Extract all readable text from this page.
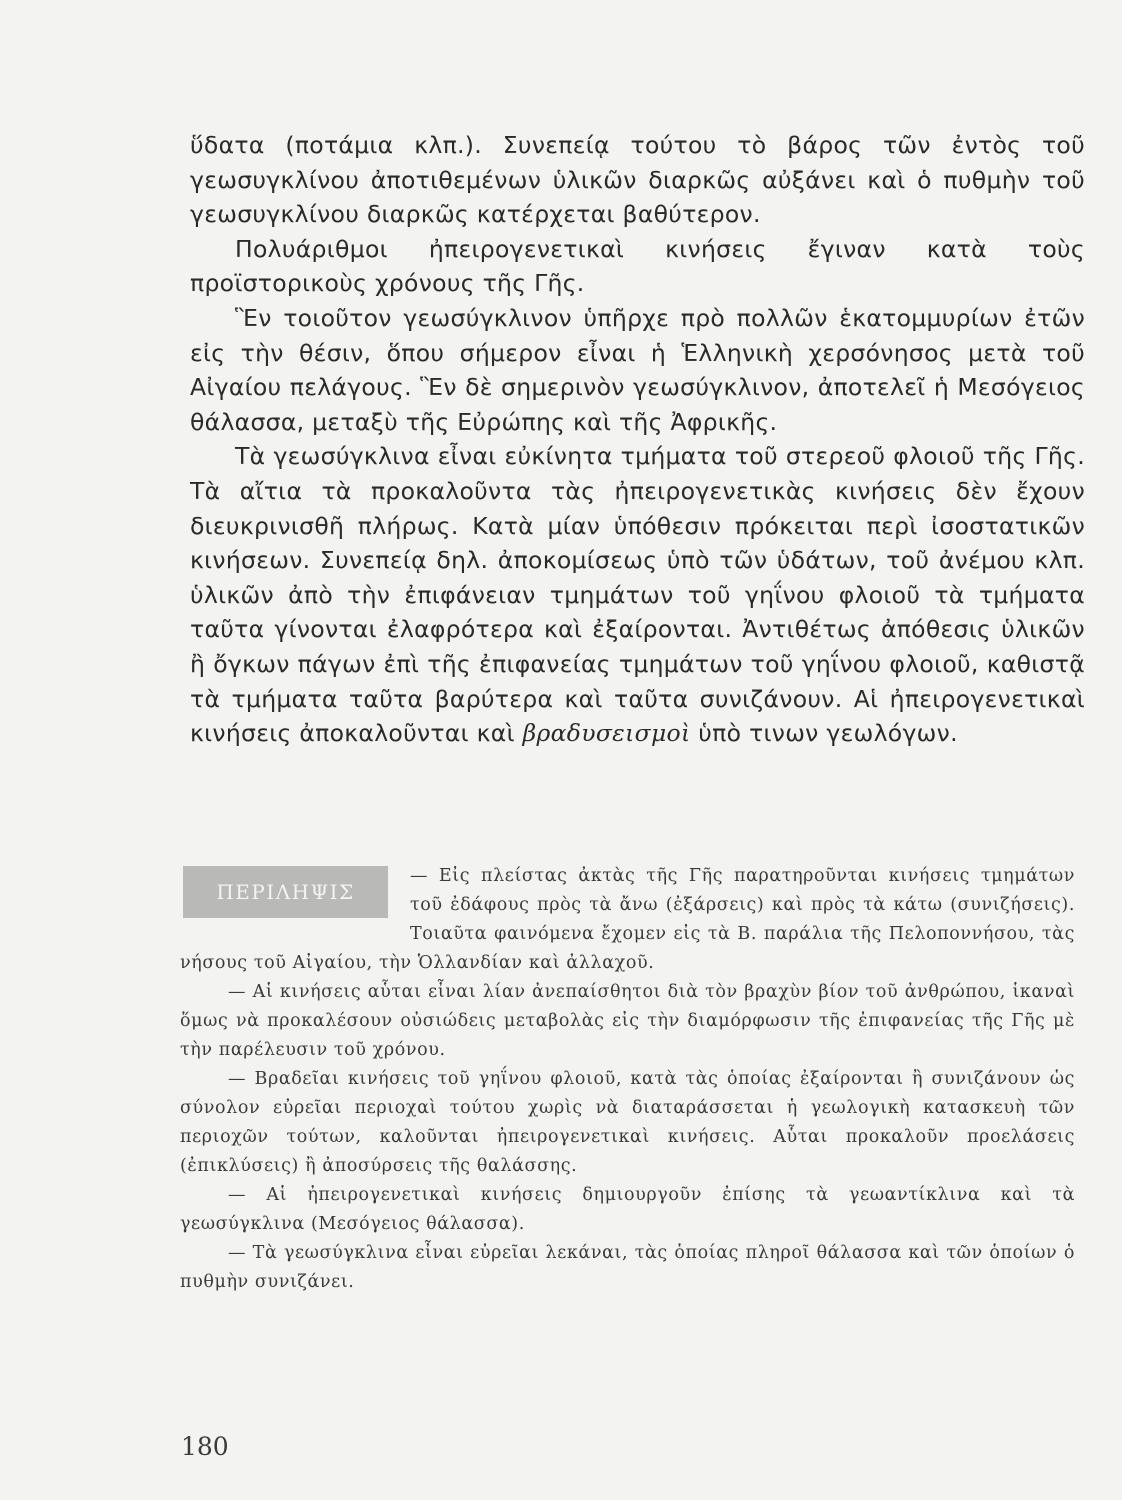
ὕδατα (ποτάμια κλπ.). Συνεπείᾳ τούτου τὸ βάρος τῶν ἐντὸς τοῦ γεωσυγκλίνου ἀποτιθεμένων ὑλικῶν διαρκῶς αὐξάνει καὶ ὁ πυθμὴν τοῦ γεωσυγκλίνου διαρκῶς κατέρχεται βαθύτερον.

Πολυάριθμοι ἠπειρογενετικαὶ κινήσεις ἔγιναν κατὰ τοὺς προϊστορικοὺς χρόνους τῆς Γῆς.

Ἓν τοιοῦτον γεωσύγκλινον ὑπῆρχε πρὸ πολλῶν ἑκατομμυρίων ἐτῶν εἰς τὴν θέσιν, ὅπου σήμερον εἶναι ἡ Ἑλληνικὴ χερσόνησος μετὰ τοῦ Αἰγαίου πελάγους. Ἓν δὲ σημερινὸν γεωσύγκλινον, ἀποτελεῖ ἡ Μεσόγειος θάλασσα, μεταξὺ τῆς Εὐρώπης καὶ τῆς Ἀφρικῆς.

Τὰ γεωσύγκλινα εἶναι εὐκίνητα τμήματα τοῦ στερεοῦ φλοιοῦ τῆς Γῆς. Τὰ αἴτια τὰ προκαλοῦντα τὰς ἠπειρογενετικὰς κινήσεις δὲν ἔχουν διευκρινισθῆ πλήρως. Κατὰ μίαν ὑπόθεσιν πρόκειται περὶ ἰσοστατικῶν κινήσεων. Συνεπείᾳ δηλ. ἀποκομίσεως ὑπὸ τῶν ὑδάτων, τοῦ ἀνέμου κλπ. ὑλικῶν ἀπὸ τὴν ἐπιφάνειαν τμημάτων τοῦ γηΐνου φλοιοῦ τὰ τμήματα ταῦτα γίνονται ἐλαφρότερα καὶ ἐξαίρονται. Ἀντιθέτως ἀπόθεσις ὑλικῶν ἢ ὄγκων πάγων ἐπὶ τῆς ἐπιφανείας τμημάτων τοῦ γηΐνου φλοιοῦ, καθιστᾷ τὰ τμήματα ταῦτα βαρύτερα καὶ ταῦτα συνιζάνουν. Αἱ ἠπειρογενετικαὶ κινήσεις ἀποκαλοῦνται καὶ βραδυσεισμοὶ ὑπὸ τινων γεωλόγων.

ΠΕΡΙΛΗΨΙΣ

— Εἰς πλείστας ἀκτὰς τῆς Γῆς παρατηροῦνται κινήσεις τμημάτων τοῦ ἐδάφους πρὸς τὰ ἄνω (ἐξάρσεις) καὶ πρὸς τὰ κάτω (συνιζήσεις). Τοιαῦτα φαινόμενα ἔχομεν εἰς τὰ Β. παράλια τῆς Πελοποννήσου, τὰς νήσους τοῦ Αἰγαίου, τὴν Ὁλλανδίαν καὶ ἀλλαχοῦ.

— Αἱ κινήσεις αὗται εἶναι λίαν ἀνεπαίσθητοι διὰ τὸν βραχὺν βίον τοῦ ἀνθρώπου, ἱκαναὶ ὅμως νὰ προκαλέσουν οὐσιώδεις μεταβολὰς εἰς τὴν διαμόρφωσιν τῆς ἐπιφανείας τῆς Γῆς μὲ τὴν παρέλευσιν τοῦ χρόνου.

— Βραδεῖαι κινήσεις τοῦ γηΐνου φλοιοῦ, κατὰ τὰς ὁποίας ἐξαίρονται ἢ συνιζάνουν ὡς σύνολον εὐρεῖαι περιοχαὶ τούτου χωρὶς νὰ διαταράσσεται ἡ γεωλογικὴ κατασκευὴ τῶν περιοχῶν τούτων, καλοῦνται ἠπειρογενετικαὶ κινήσεις. Αὗται προκαλοῦν προελάσεις (ἐπικλύσεις) ἢ ἀποσύρσεις τῆς θαλάσσης.

— Αἱ ἠπειρογενετικαὶ κινήσεις δημιουργοῦν ἐπίσης τὰ γεωαντίκλινα καὶ τὰ γεωσύγκλινα (Μεσόγειος θάλασσα).

— Τὰ γεωσύγκλινα εἶναι εὐρεῖαι λεκάναι, τὰς ὁποίας πληροῖ θάλασσα καὶ τῶν ὁποίων ὁ πυθμὴν συνιζάνει.

180
